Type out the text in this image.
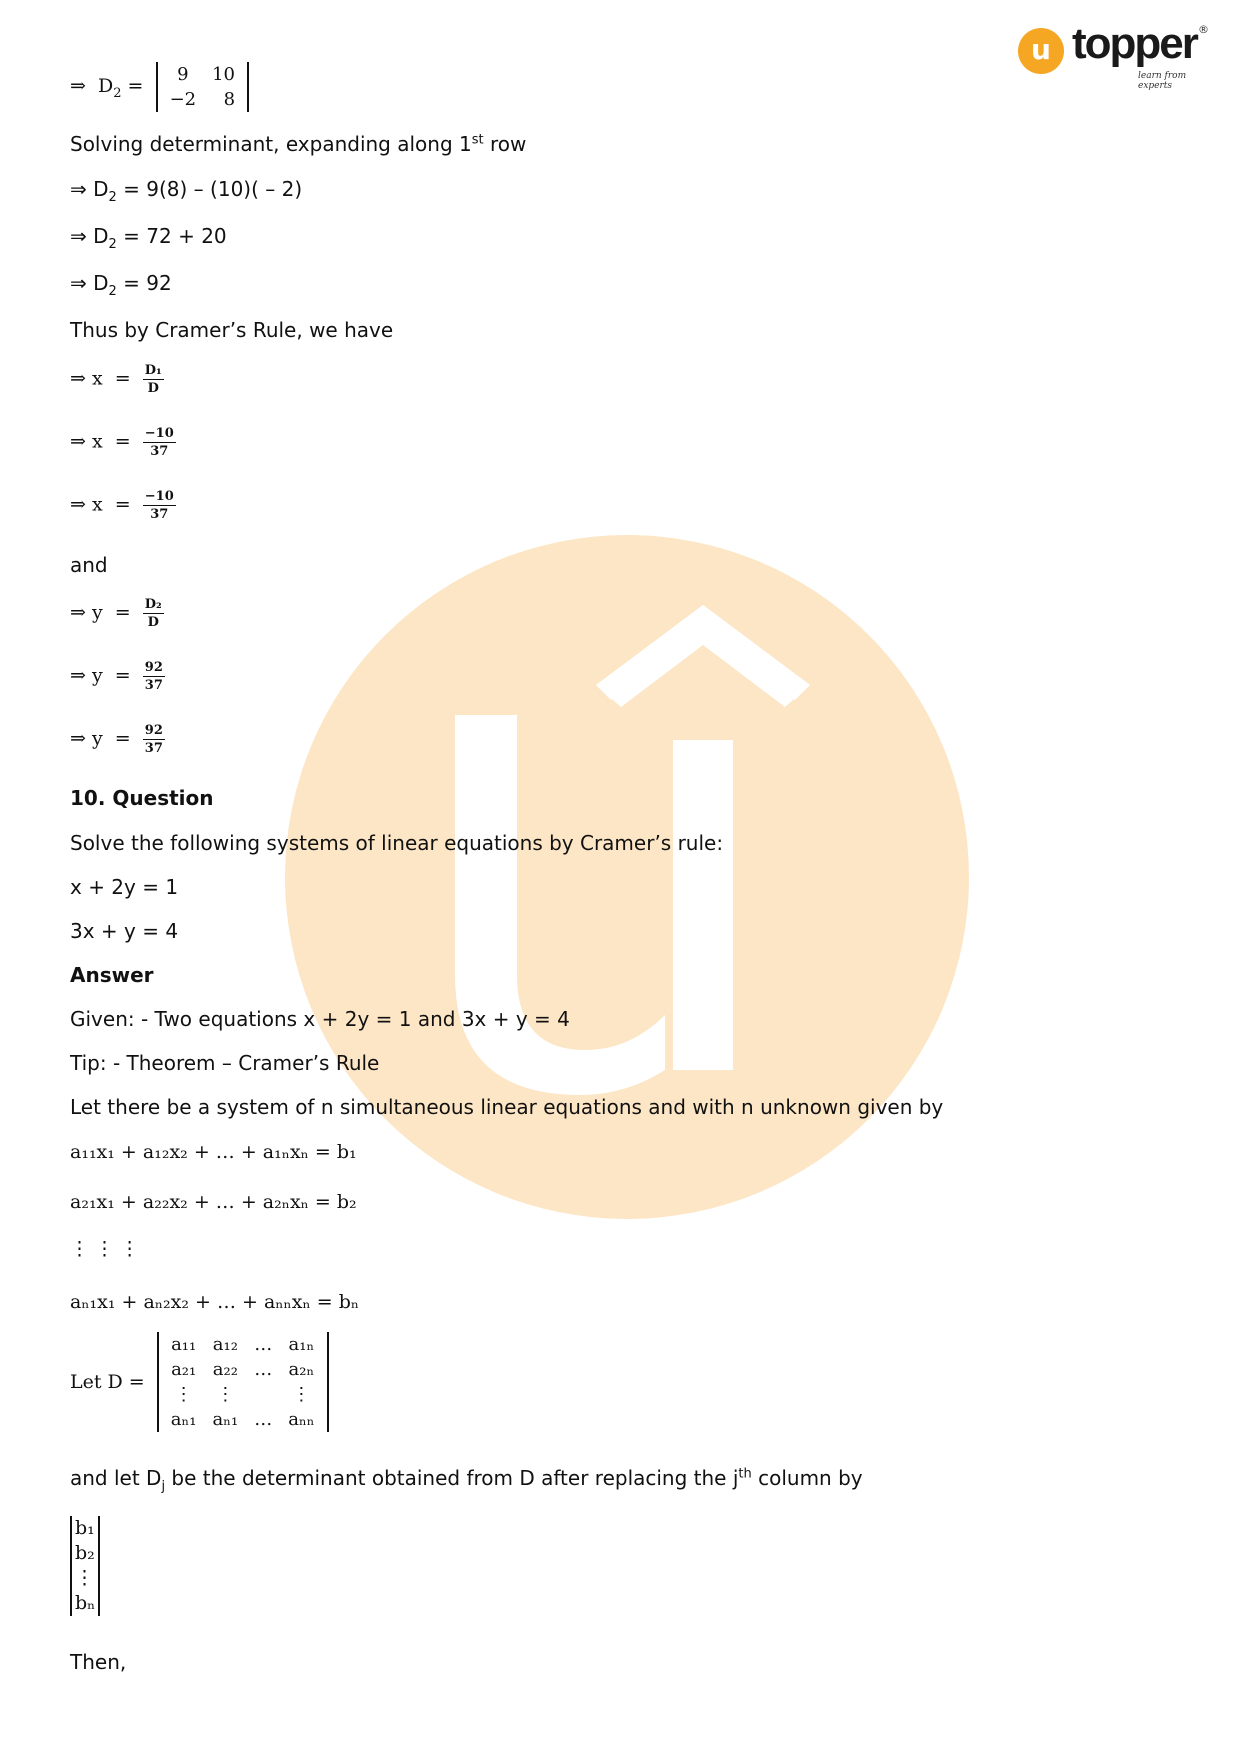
u topper ®
learn from experts
⇒  $D_2$ =
9	10
−2	8
Solving determinant, expanding along 1st row
⇒ $D_2 = 9(8) - (10)( - 2)$
⇒ $D_2 = 72 + 20$
⇒ $D_2 = 92$
Thus by Cramer’s Rule, we have
⇒ $x = \frac{\text{D₁}}{D}$
⇒ $x = \frac{-10}{37}$
⇒ $x = \frac{-10}{37}$
and
⇒ $y = \frac{\text{D₂}}{D}$
⇒ $y = \frac{92}{37}$
⇒ $y = \frac{92}{37}$
10. Question
Solve the following systems of linear equations by Cramer’s rule:
x + 2y = 1
3x + y = 4
Answer
Given: - Two equations x + 2y = 1 and 3x + y = 4
Tip: - Theorem – Cramer’s Rule
Let there be a system of n simultaneous linear equations and with n unknown given by
a₁₁x₁ + a₁₂x₂ + … + a₁ₙxₙ = b₁
a₂₁x₁ + a₂₂x₂ + … + a₂ₙxₙ = b₂
⋮ ⋮ ⋮
aₙ₁x₁ + aₙ₂x₂ + … + aₙₙxₙ = bₙ
Let D =
a₁₁	a₁₂	…	a₁ₙ
a₂₁	a₂₂	…	a₂ₙ
⋮	⋮		⋮
aₙ₁	aₙ₁	…	aₙₙ
and let $D_j$ be the determinant obtained from D after replacing the $j^{th}$ column by
b₁
b₂
⋮
bₙ
Then,
